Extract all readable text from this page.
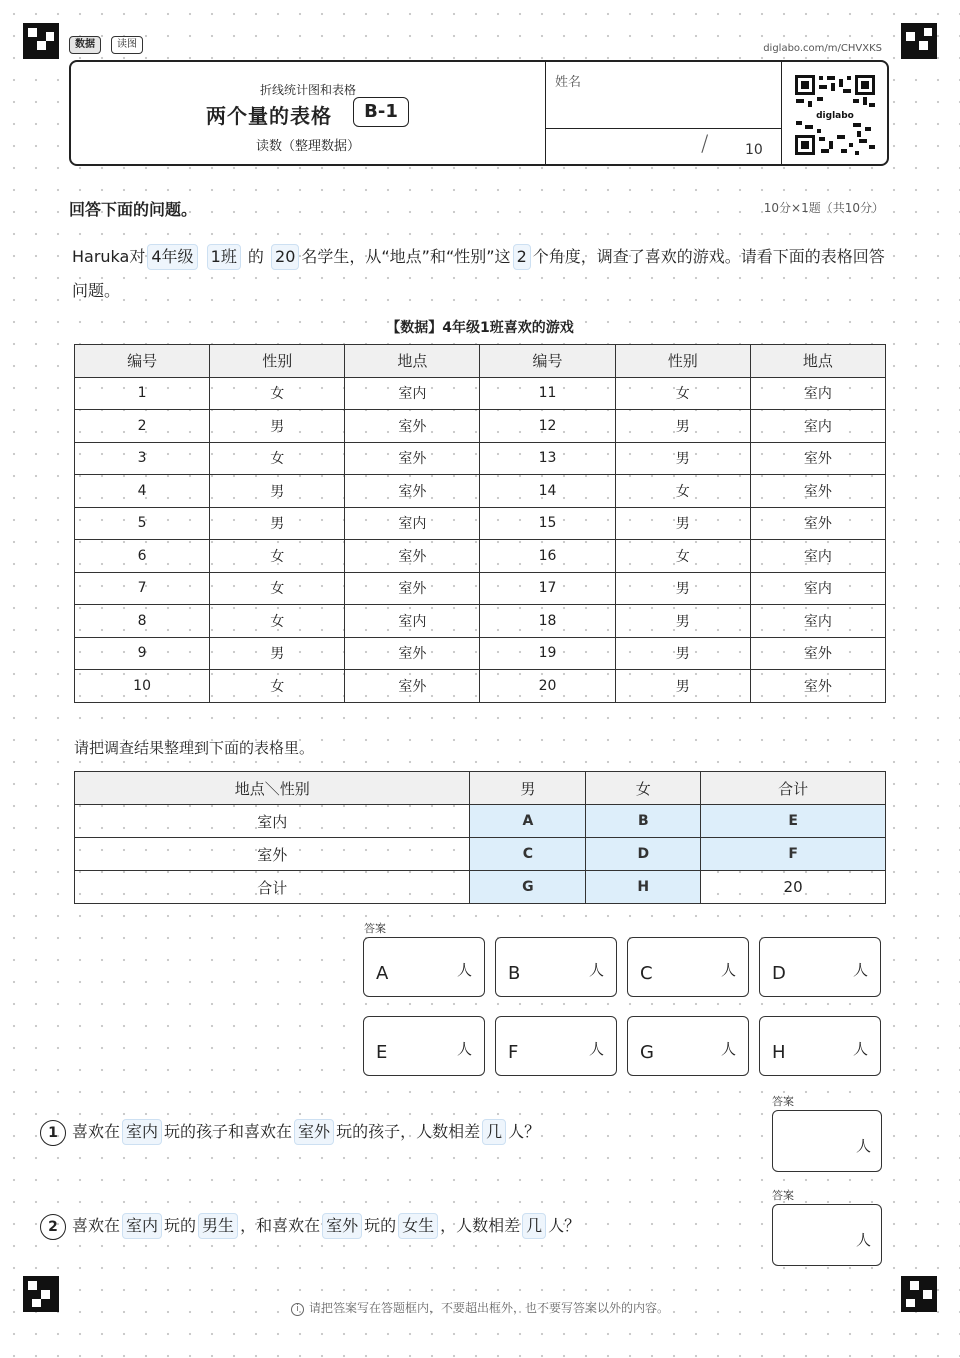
数据	读图	diglabo.com/m/CHVXKS
折线统计图和表格
两个量的表格	B-1
读数（整理数据）
姓名
/	10
diglabo
回答下面的问题。	10分×1题（共10分）
Haruka对 4年级 1班 的 20 名学生，从“地点”和“性别”这 2 个角度，调查了喜欢的游戏。请看下面的表格回答问题。
【数据】4年级1班喜欢的游戏
编号	性别	地点	编号	性别	地点
1	女	室内	11	女	室内
2	男	室外	12	男	室内
3	女	室外	13	男	室外
4	男	室外	14	女	室外
5	男	室内	15	男	室外
6	女	室外	16	女	室内
7	女	室外	17	男	室内
8	女	室内	18	男	室内
9	男	室外	19	男	室外
10	女	室外	20	男	室外
请把调查结果整理到下面的表格里。
地点＼性别	男	女	合计
室内	A	B	E
室外	C	D	F
合计	G	H	20
答案
A	人 B	人 C	人 D	人
E	人 F	人 G	人 H	人
1 喜欢在 室内 玩的孩子和喜欢在 室外 玩的孩子，人数相差 几 人？
答案
人
2 喜欢在 室内 玩的 男生 ，和喜欢在 室外 玩的 女生 ，人数相差 几 人？
答案
人
i 请把答案写在答题框内，不要超出框外，也不要写答案以外的内容。
